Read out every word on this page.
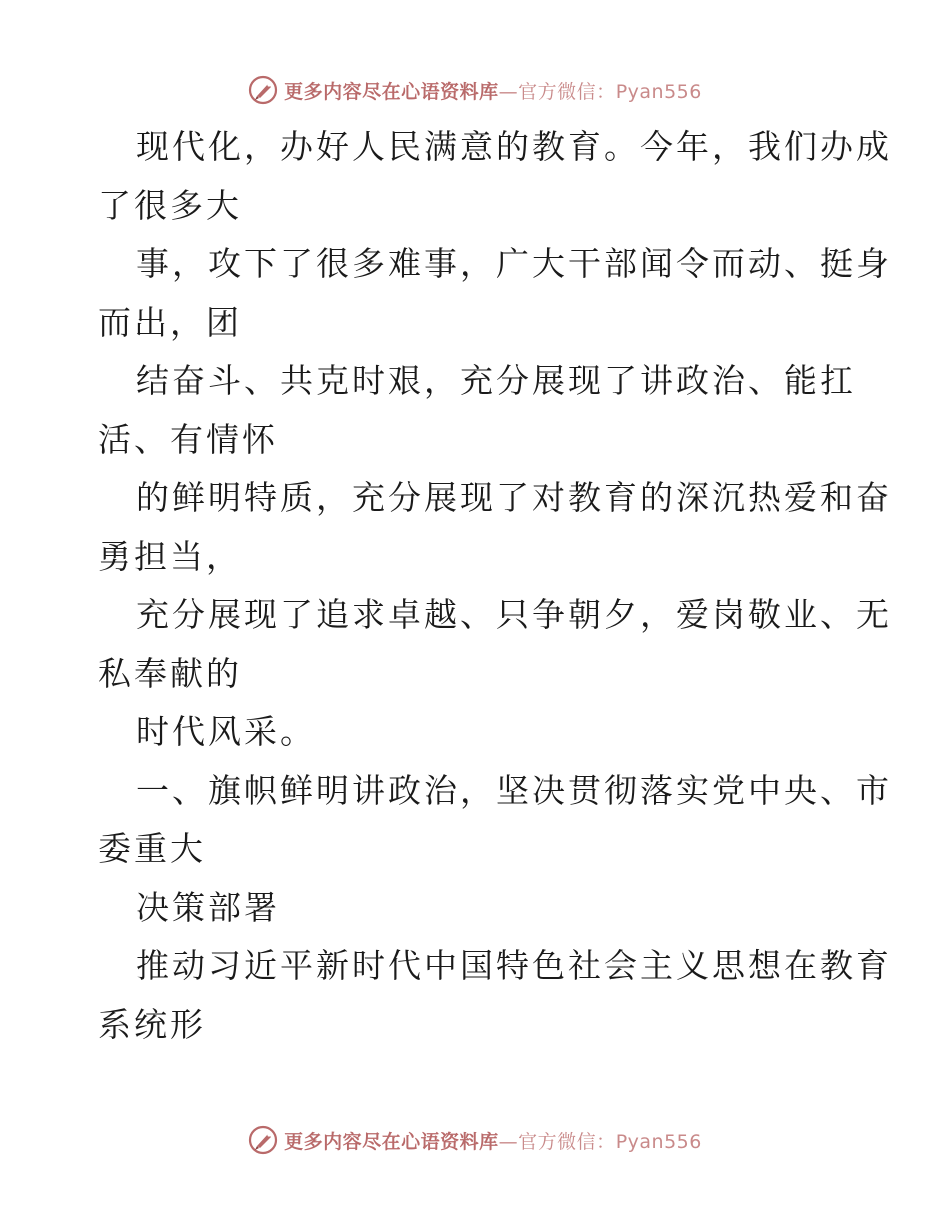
更多内容尽在心语资料库—官方微信：Pyan556
现代化，办好人民满意的教育。今年，我们办成
了很多大
事，攻下了很多难事，广大干部闻令而动、挺身
而出，团
结奋斗、共克时艰，充分展现了讲政治、能扛
活、有情怀
的鲜明特质，充分展现了对教育的深沉热爱和奋
勇担当，
充分展现了追求卓越、只争朝夕，爱岗敬业、无
私奉献的
时代风采。
一、旗帜鲜明讲政治，坚决贯彻落实党中央、市
委重大
决策部署
推动习近平新时代中国特色社会主义思想在教育
系统形
更多内容尽在心语资料库—官方微信：Pyan556
